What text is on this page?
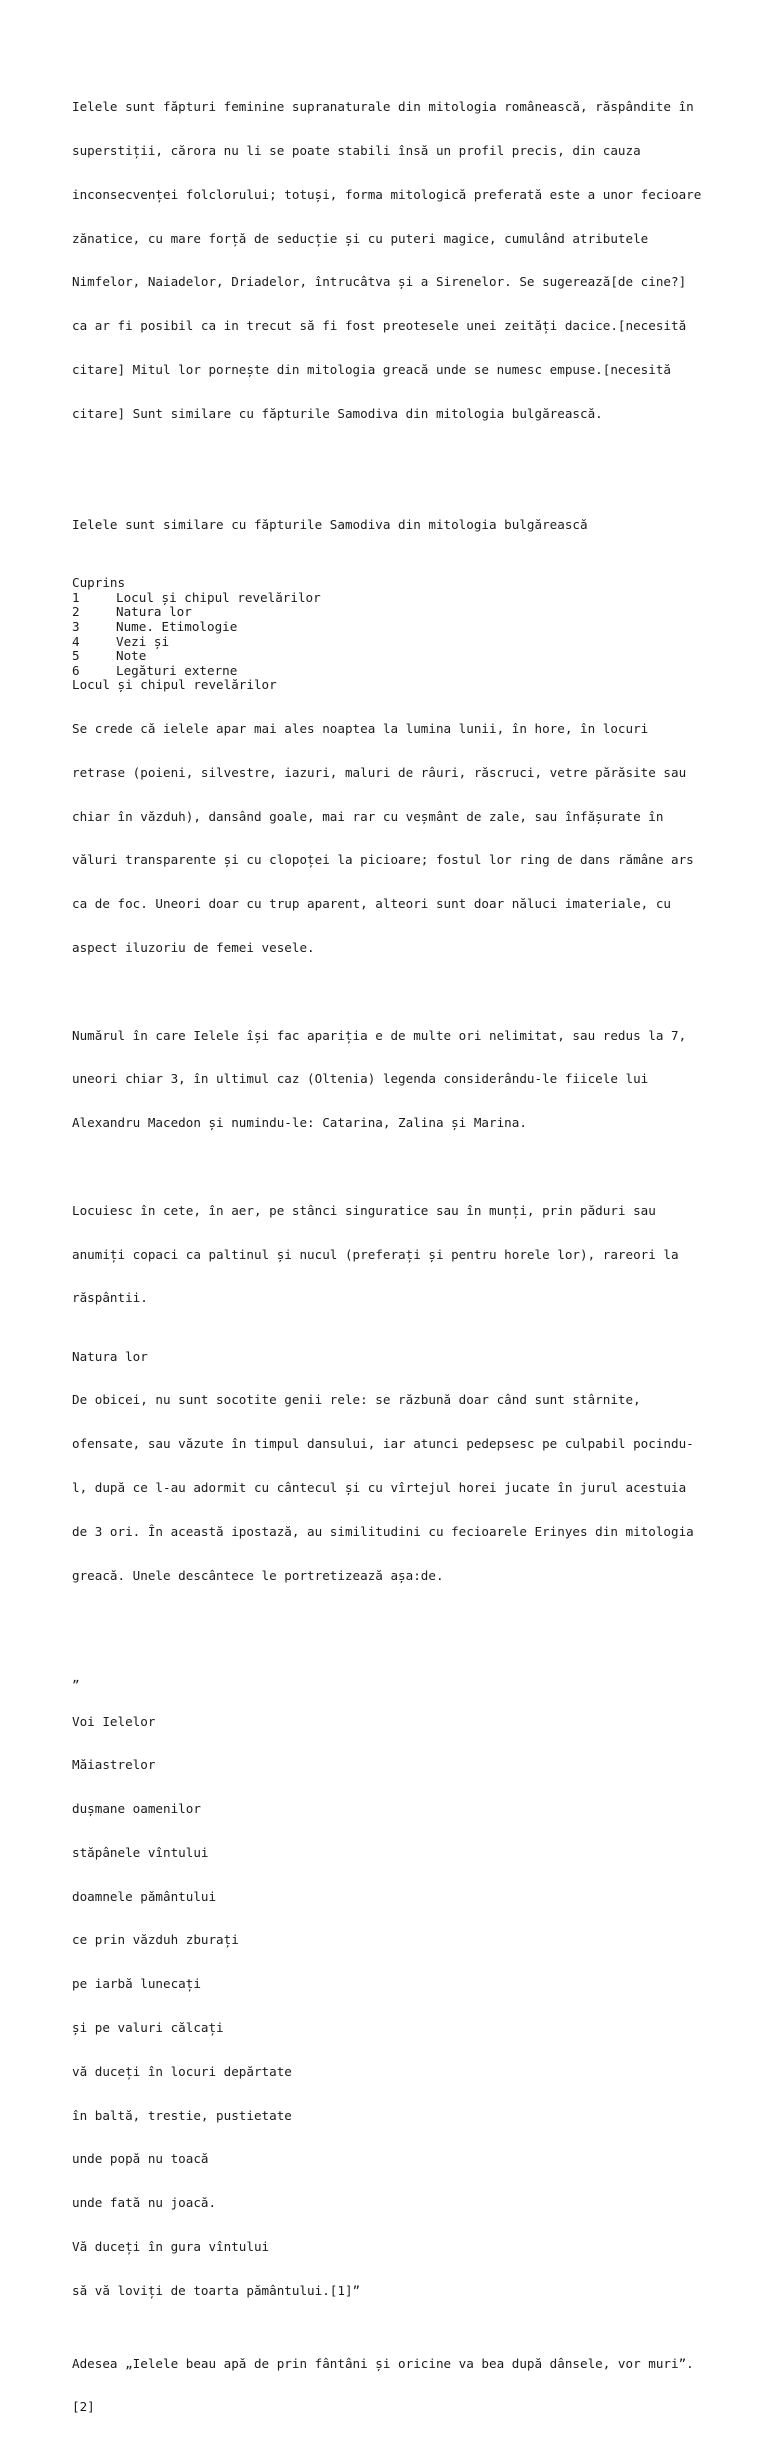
Ielele sunt făpturi feminine supranaturale din mitologia românească, răspândite în

superstiții, cărora nu li se poate stabili însă un profil precis, din cauza

inconsecvenței folclorului; totuși, forma mitologică preferată este a unor fecioare

zănatice, cu mare forță de seducție și cu puteri magice, cumulând atributele

Nimfelor, Naiadelor, Driadelor, întrucâtva și a Sirenelor. Se sugerează[de cine?]

ca ar fi posibil ca in trecut să fi fost preotesele unei zeități dacice.[necesită

citare] Mitul lor pornește din mitologia greacă unde se numesc empuse.[necesită

citare] Sunt similare cu făpturile Samodiva din mitologia bulgărească.

Ielele sunt similare cu făpturile Samodiva din mitologia bulgărească

Cuprins
1	Locul și chipul revelărilor
2	Natura lor
3	Nume. Etimologie
4	Vezi și
5	Note
6	Legături externe
Locul și chipul revelărilor

Se crede că ielele apar mai ales noaptea la lumina lunii, în hore, în locuri

retrase (poieni, silvestre, iazuri, maluri de râuri, răscruci, vetre părăsite sau

chiar în văzduh), dansând goale, mai rar cu veșmânt de zale, sau înfășurate în

văluri transparente și cu clopoței la picioare; fostul lor ring de dans rămâne ars

ca de foc. Uneori doar cu trup aparent, alteori sunt doar năluci imateriale, cu

aspect iluzoriu de femei vesele.

Numărul în care Ielele își fac apariția e de multe ori nelimitat, sau redus la 7,

uneori chiar 3, în ultimul caz (Oltenia) legenda considerându-le fiicele lui

Alexandru Macedon și numindu-le: Catarina, Zalina și Marina.

Locuiesc în cete, în aer, pe stânci singuratice sau în munți, prin păduri sau

anumiți copaci ca paltinul și nucul (preferați și pentru horele lor), rareori la

răspântii.

Natura lor

De obicei, nu sunt socotite genii rele: se răzbună doar când sunt stârnite,

ofensate, sau văzute în timpul dansului, iar atunci pedepsesc pe culpabil pocindu-

l, după ce l-au adormit cu cântecul și cu vîrtejul horei jucate în jurul acestuia

de 3 ori. În această ipostază, au similitudini cu fecioarele Erinyes din mitologia

greacă. Unele descântece le portretizează așa:de.

„

Voi Ielelor

Măiastrelor

dușmane oamenilor

stăpânele vîntului

doamnele pământului

ce prin văzduh zburați

pe iarbă lunecați

și pe valuri călcați

vă duceți în locuri depărtate

în baltă, trestie, pustietate

unde popă nu toacă

unde fată nu joacă.

Vă duceți în gura vîntului

să vă loviți de toarta pământului.[1]”

Adesea „Ielele beau apă de prin fântâni și oricine va bea după dânsele, vor muri”.

[2]
